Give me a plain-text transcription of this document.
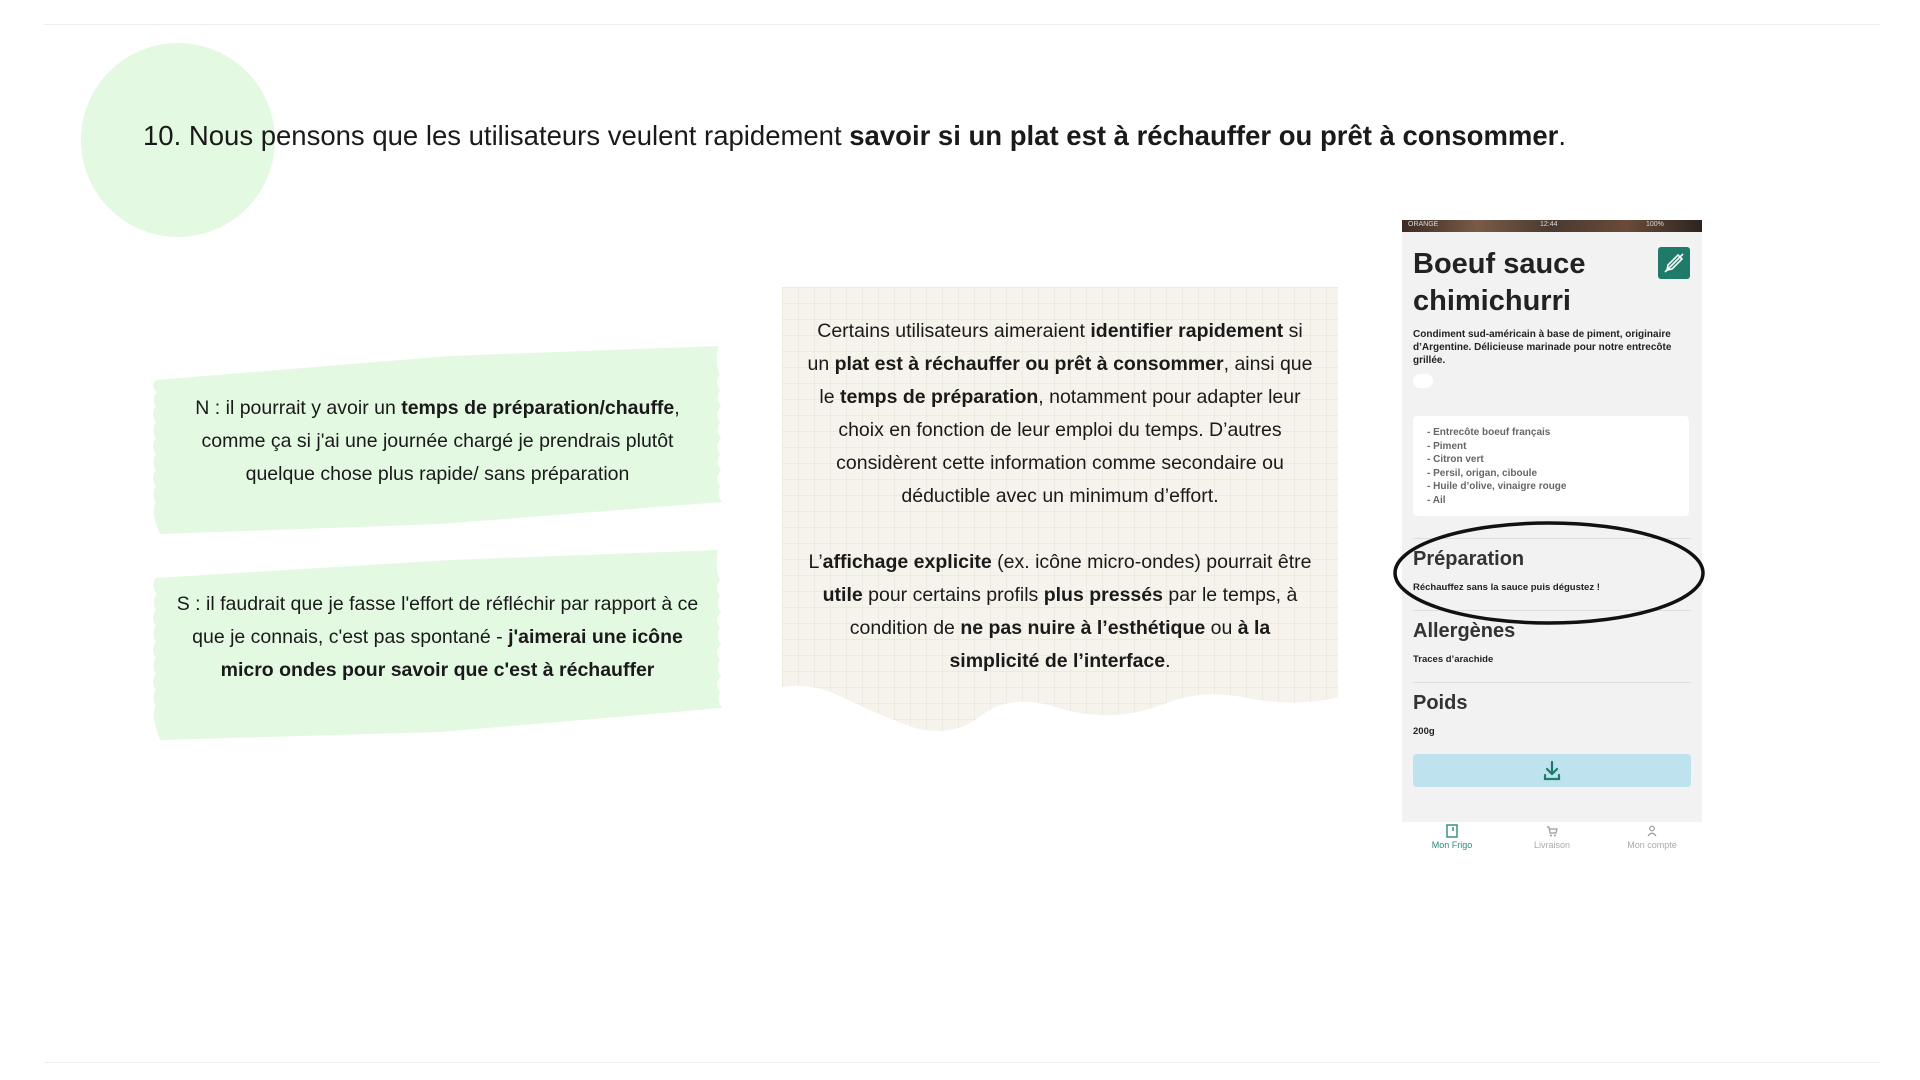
10. Nous pensons que les utilisateurs veulent rapidement savoir si un plat est à réchauffer ou prêt à consommer.
N : il pourrait y avoir un temps de préparation/chauffe, comme ça si j'ai une journée chargé je prendrais plutôt quelque chose plus rapide/ sans préparation
S : il faudrait que je fasse l'effort de réfléchir par rapport à ce que je connais, c'est pas spontané - j'aimerai une icône micro ondes pour savoir que c'est à réchauffer
Certains utilisateurs aimeraient identifier rapidement si un plat est à réchauffer ou prêt à consommer, ainsi que le temps de préparation, notamment pour adapter leur choix en fonction de leur emploi du temps. D’autres considèrent cette information comme secondaire ou déductible avec un minimum d’effort.
L’affichage explicite (ex. icône micro-ondes) pourrait être utile pour certains profils plus pressés par le temps, à condition de ne pas nuire à l’esthétique ou à la simplicité de l’interface.
ORANGE	12:44	100%
Boeuf sauce chimichurri
Condiment sud-américain à base de piment, originaire d’Argentine. Délicieuse marinade pour notre entrecôte grillée.
- Entrecôte boeuf français
- Piment
- Citron vert
- Persil, origan, ciboule
- Huile d’olive, vinaigre rouge
- Ail
Préparation
Réchauffez sans la sauce puis dégustez !
Allergènes
Traces d’arachide
Poids
200g
Mon Frigo	Livraison	Mon compte
